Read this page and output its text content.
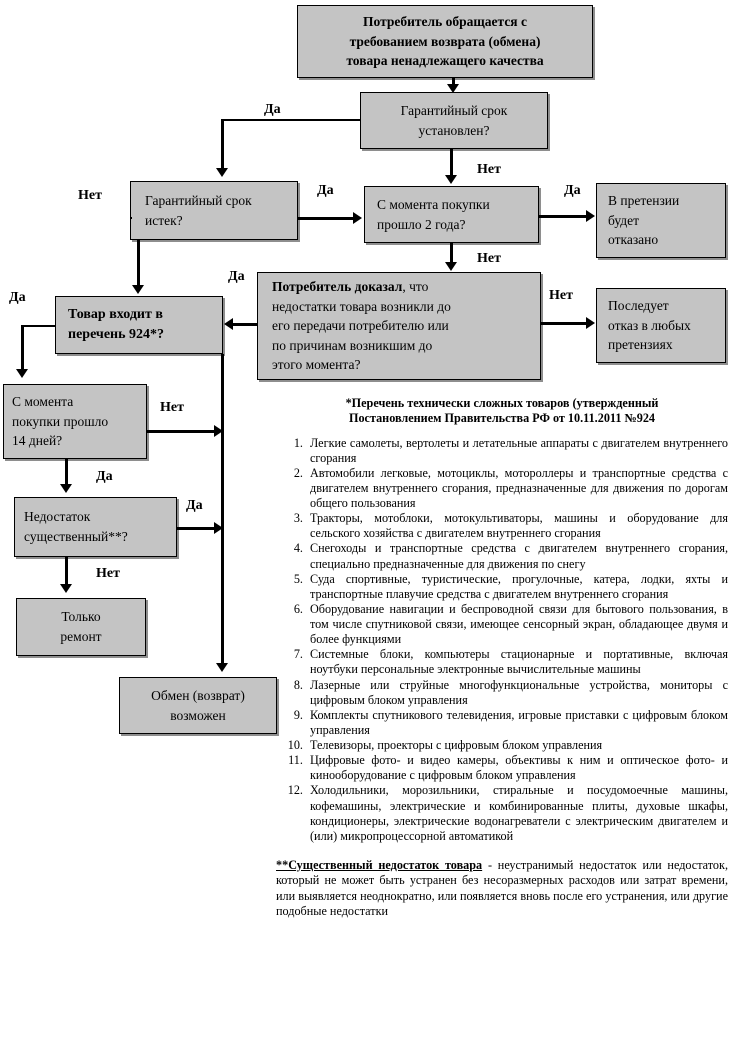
Потребитель обращается с
требованием возврата (обмена)
товара ненадлежащего качества
Гарантийный срок
установлен?
Гарантийный срок
истек?
С момента покупки
прошло 2 года?
В претензии
будет
отказано
Потребитель доказал, что
недостатки товара возникли до
его передачи потребителю или
по причинам возникшим до
этого момента?
Последует
отказ в любых
претензиях
Товар входит в
перечень 924*?
С момента
покупки прошло
14 дней?
Недостаток
существенный**?
Только
ремонт
Обмен (возврат)
возможен
Да
Нет
Да
Нет	Да
Нет
Да
Нет
Да
Нет
Да
Да
Нет
*Перечень технически сложных товаров (утвержденный
Постановлением Правительства РФ от 10.11.2011 №924
1. Легкие самолеты, вертолеты и летательные аппараты с двигателем внутреннего сгорания
2. Автомобили легковые, мотоциклы, мотороллеры и транспортные средства с двигателем внутреннего сгорания, предназначенные для движения по дорогам общего пользования
3. Тракторы, мотоблоки, мотокультиваторы, машины и оборудование для сельского хозяйства с двигателем внутреннего сгорания
4. Снегоходы и транспортные средства с двигателем внутреннего сгорания, специально предназначенные для движения по снегу
5. Суда спортивные, туристические, прогулочные, катера, лодки, яхты и транспортные плавучие средства с двигателем внутреннего сгорания
6. Оборудование навигации и беспроводной связи для бытового пользования, в том числе спутниковой связи, имеющее сенсорный экран, обладающее двумя и более функциями
7. Системные блоки, компьютеры стационарные и портативные, включая ноутбуки персональные электронные вычислительные машины
8. Лазерные или струйные многофункциональные устройства, мониторы с цифровым блоком управления
9. Комплекты спутникового телевидения, игровые приставки с цифровым блоком управления
10. Телевизоры, проекторы с цифровым блоком управления
11. Цифровые фото- и видео камеры, объективы к ним и оптическое фото- и кинооборудование с цифровым блоком управления
12. Холодильники, морозильники, стиральные и посудомоечные машины, кофемашины, электрические и комбинированные плиты, духовые шкафы, кондиционеры, электрические водонагреватели с электрическим двигателем и (или) микропроцессорной автоматикой
**Существенный недостаток товара - неустранимый недостаток или недостаток, который не может быть устранен без несоразмерных расходов или затрат времени, или выявляется неоднократно, или появляется вновь после его устранения, или другие подобные недостатки
